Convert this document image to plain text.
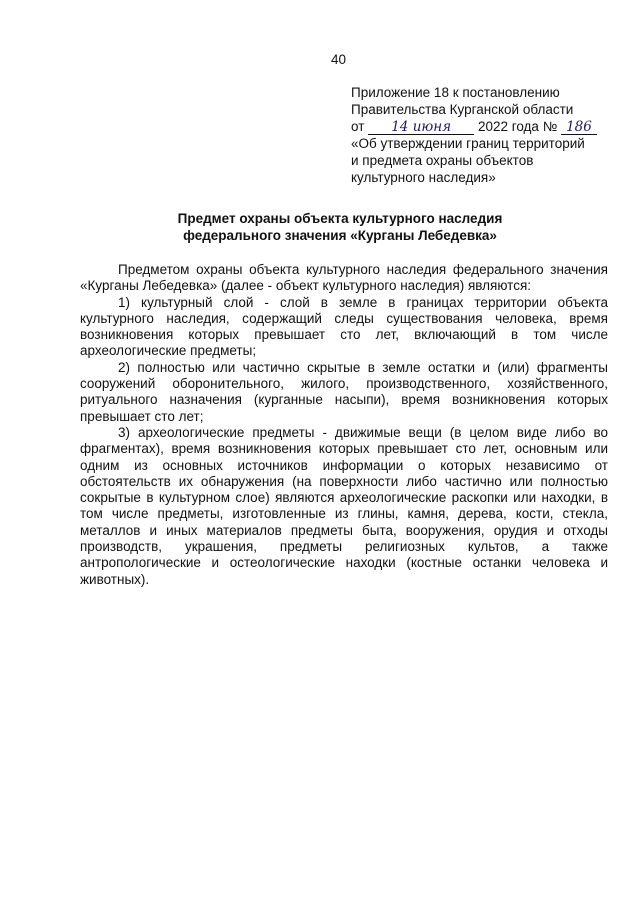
40
Приложение 18 к постановлению
Правительства Курганской области
от 14 июня 2022 года № 186
«Об утверждении границ территорий
и предмета охраны объектов
культурного наследия»
Предмет охраны объекта культурного наследия
федерального значения «Курганы Лебедевка»

Предметом охраны объекта культурного наследия федерального значения «Курганы Лебедевка» (далее - объект культурного наследия) являются:

1) культурный слой - слой в земле в границах территории объекта культурного наследия, содержащий следы существования человека, время возникновения которых превышает сто лет, включающий в том числе археологические предметы;

2) полностью или частично скрытые в земле остатки и (или) фрагменты сооружений оборонительного, жилого, производственного, хозяйственного, ритуального назначения (курганные насыпи), время возникновения которых превышает сто лет;

3) археологические предметы - движимые вещи (в целом виде либо во фрагментах), время возникновения которых превышает сто лет, основным или одним из основных источников информации о которых независимо от обстоятельств их обнаружения (на поверхности либо частично или полностью сокрытые в культурном слое) являются археологические раскопки или находки, в том числе предметы, изготовленные из глины, камня, дерева, кости, стекла, металлов и иных материалов предметы быта, вооружения, орудия и отходы производств, украшения, предметы религиозных культов, а также антропологические и остеологические находки (костные останки человека и животных).
